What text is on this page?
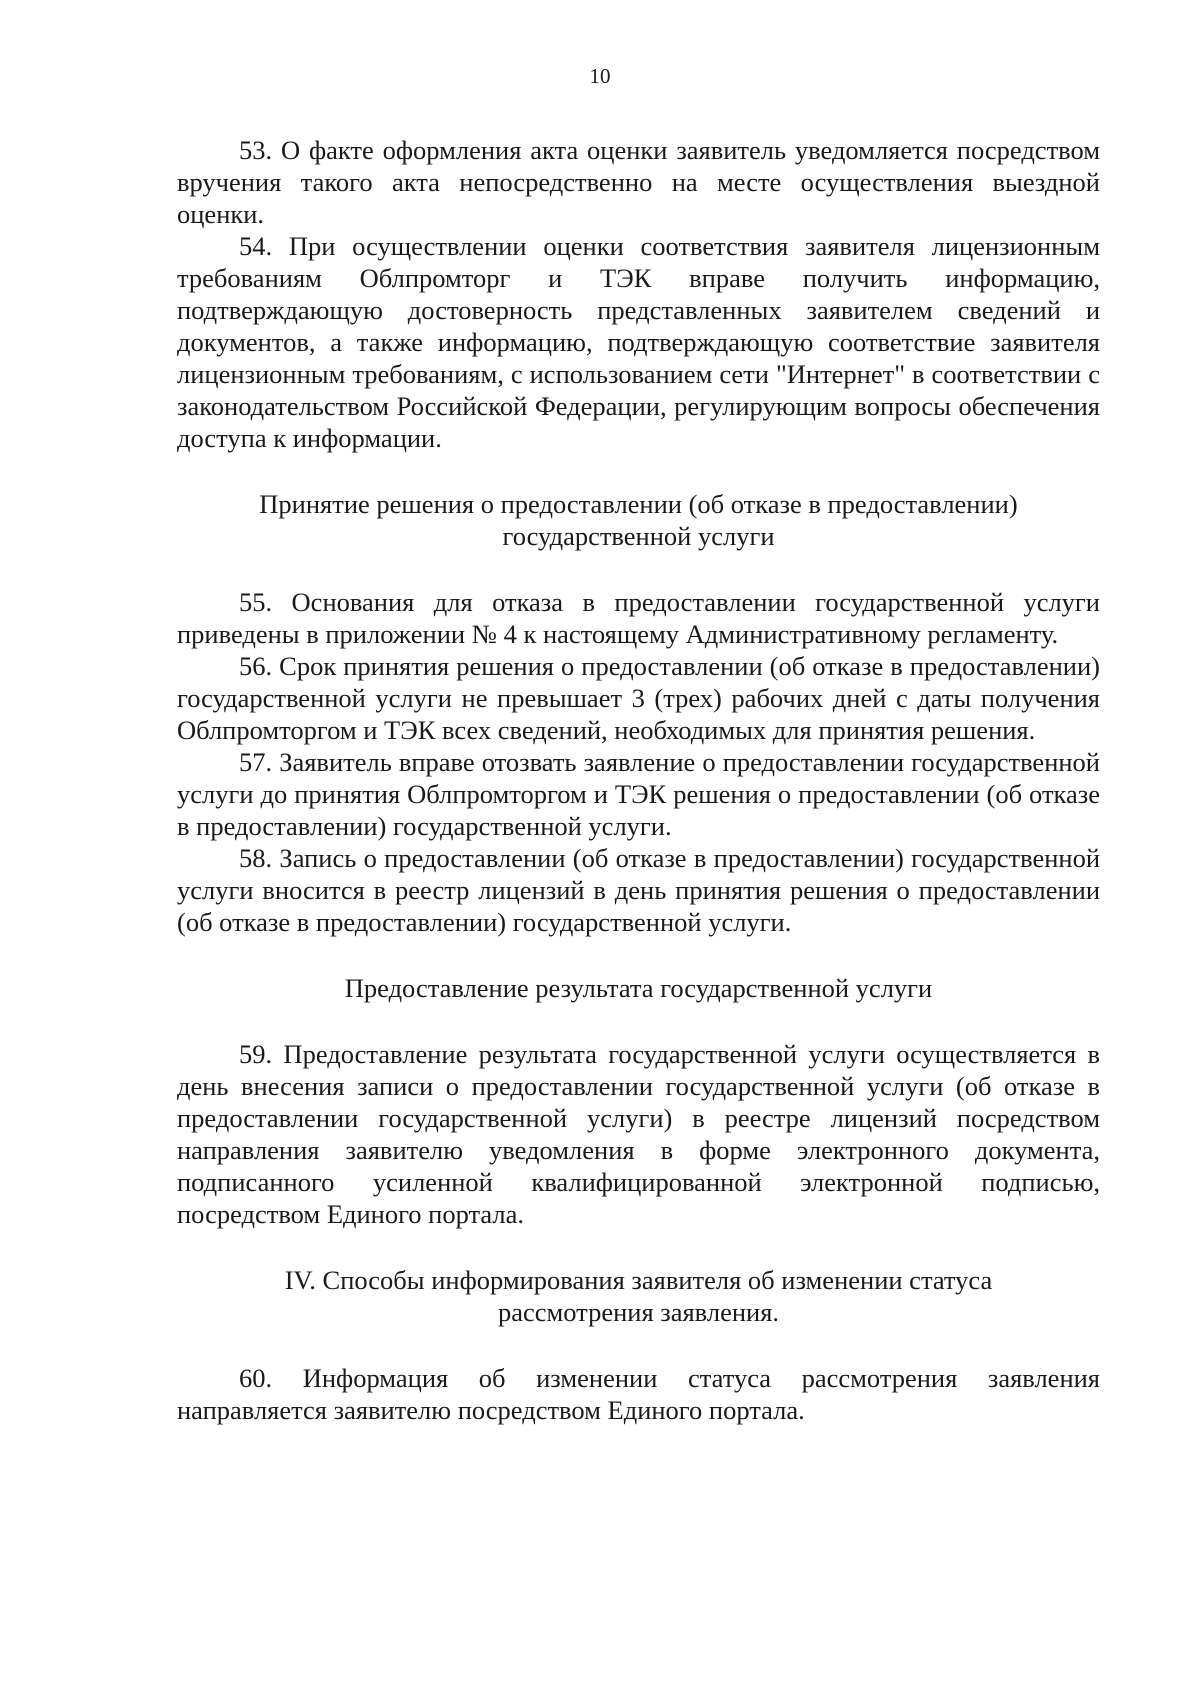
10

53. О факте оформления акта оценки заявитель уведомляется посредством вручения такого акта непосредственно на месте осуществления выездной оценки.

54. При осуществлении оценки соответствия заявителя лицензионным требованиям Облпромторг и ТЭК вправе получить информацию, подтверждающую достоверность представленных заявителем сведений и документов, а также информацию, подтверждающую соответствие заявителя лицензионным требованиям, с использованием сети "Интернет" в соответствии с законодательством Российской Федерации, регулирующим вопросы обеспечения доступа к информации.

Принятие решения о предоставлении (об отказе в предоставлении)
государственной услуги

55. Основания для отказа в предоставлении государственной услуги приведены в приложении № 4 к настоящему Административному регламенту.

56. Срок принятия решения о предоставлении (об отказе в предоставлении) государственной услуги не превышает 3 (трех) рабочих дней с даты получения Облпромторгом и ТЭК всех сведений, необходимых для принятия решения.

57. Заявитель вправе отозвать заявление о предоставлении государственной услуги до принятия Облпромторгом и ТЭК решения о предоставлении (об отказе в предоставлении) государственной услуги.

58. Запись о предоставлении (об отказе в предоставлении) государственной услуги вносится в реестр лицензий в день принятия решения о предоставлении (об отказе в предоставлении) государственной услуги.

Предоставление результата государственной услуги

59. Предоставление результата государственной услуги осуществляется в день внесения записи о предоставлении государственной услуги (об отказе в предоставлении государственной услуги) в реестре лицензий посредством направления заявителю уведомления в форме электронного документа, подписанного усиленной квалифицированной электронной подписью, посредством Единого портала.

IV. Способы информирования заявителя об изменении статуса
рассмотрения заявления.

60. Информация об изменении статуса рассмотрения заявления направляется заявителю посредством Единого портала.
